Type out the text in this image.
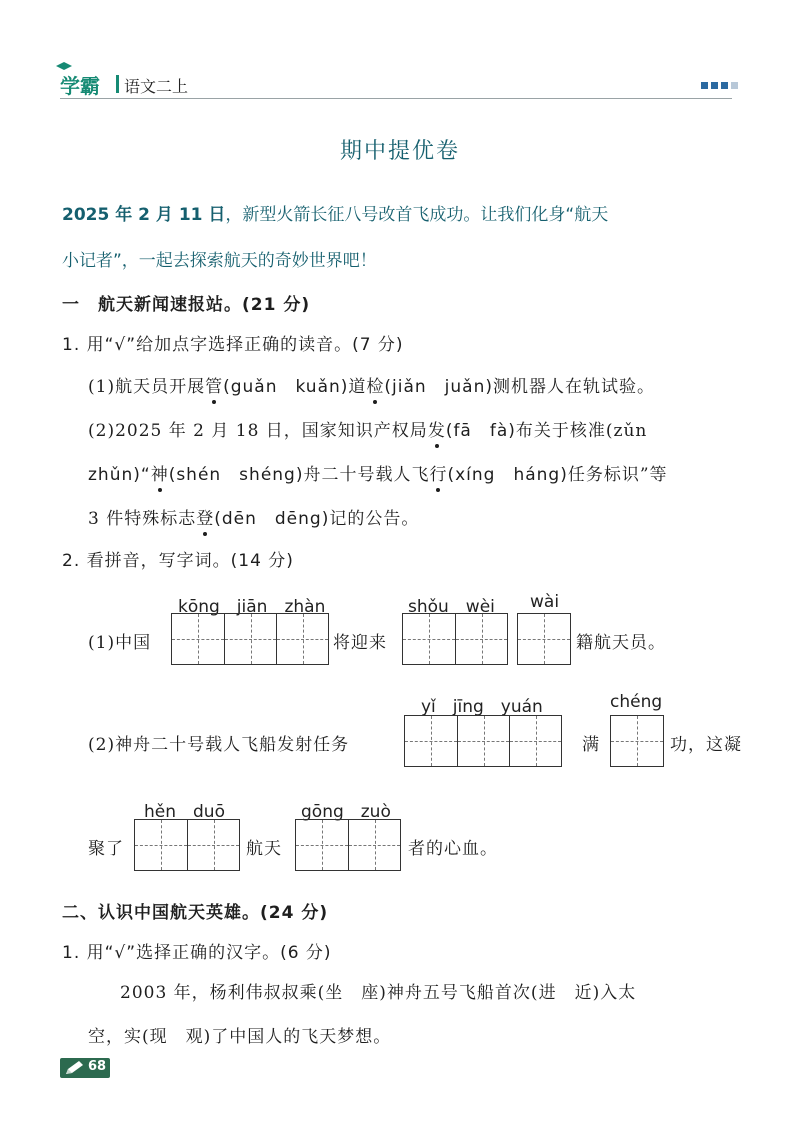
学霸 语文二上
期中提优卷
2025 年 2 月 11 日，新型火箭长征八号改首飞成功。让我们化身“航天
小记者”，一起去探索航天的奇妙世界吧！
一　航天新闻速报站。(21 分)
1. 用“√”给加点字选择正确的读音。(7 分)
(1)航天员开展管(guǎn　kuǎn)道检(jiǎn　juǎn)测机器人在轨试验。
(2)2025 年 2 月 18 日，国家知识产权局发(fā　fà)布关于核准(zǔn
zhǔn)“神(shén　shéng)舟二十号载人飞行(xíng　háng)任务标识”等
3 件特殊标志登(dēn　dēng)记的公告。
2. 看拼音，写字词。(14 分)
kōng　jiān　zhàn	shǒu　wèi wài
(1)中国	将迎来	籍航天员。
yǐ　jīng　yuán	chéng
(2)神舟二十号载人飞船发射任务	满	功，这凝
hěn　duō	gōng　zuò
聚了	航天	者的心血。
二、认识中国航天英雄。(24 分)
1. 用“√”选择正确的汉字。(6 分)
2003 年，杨利伟叔叔乘(坐　座)神舟五号飞船首次(进　近)入太
空，实(现　观)了中国人的飞天梦想。
68
